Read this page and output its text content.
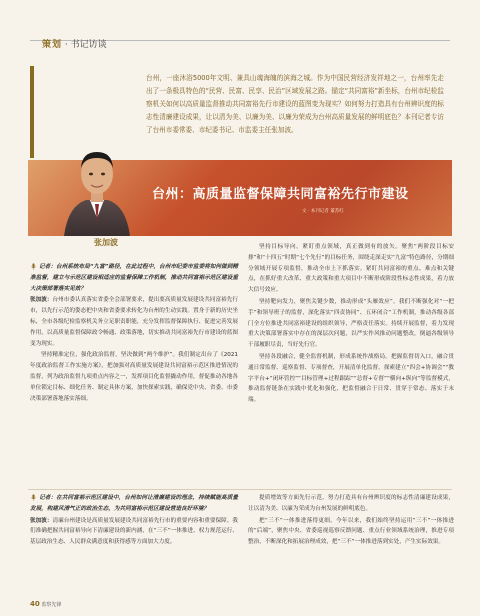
策划 · 书记访谈
台州，一座沐浴5000年文明、兼具山魂海魄的滨海之城。作为中国民营经济发祥地之一，台州率先走出了一条极具特色的“民营、民富、民享、民治”区域发展之路。锚定“共同富裕”新坐标，台州市纪检监察机关如何以高质量监督推动共同富裕先行市建设的蓝图变为现实？如何努力打造具有台州辨识度的标志性清廉建设成果，让以清为美、以廉为美、以廉为荣成为台州高质量发展的鲜明底色？本刊记者专访了台州市委常委、市纪委书记、市监委主任张加波。
台州：高质量监督保障共同富裕先行市建设
文 · 本刊记者 董苏红
张加波

记者：台州系统布局“九富”路径，在此过程中，台州市纪委市监委将如何做到精准监督，建立与示范区建设相适应的监督保障工作机制，推动共同富裕示范区建设重大决策部署落实见效？

张加波：台州市委认真落实省委全会部署要求，提出要高质量发展建设共同富裕先行市，以先行示范的姿态把中央和省委要求转化为台州的生动实践。置身于新的历史坐标，全市各级纪检监察机关务立足职责职能，充分发挥监督保障执行、促进完善发展作用，以高质量监督保障政令畅通、政策落地，切实推动共同富裕先行市建设的蓝图变为现实。

坚持精准定位，强化政治监督，坚决做到“两个维护”。我们制定出台了《2021年度政治监督工作实施方案》，把加强对高质量发展建设共同富裕示范区推进情况的监督，列为政治监督九项重点内容之一，发挥项目化监督撬动作用，督促推动各地各单位锁定目标、细化任务、制定具体方案，加快探索实践，确保党中央、省委、市委决策部署落地落实落细。

坚持目标导向，紧盯重点领域，真正做到有的放矢。聚焦“两阶段目标安排”和“十四五”时期“七个先行”的目标任务，围绕走深走实“九富”特色路径，分期细分领域开展专项监督，推动全市上下抓落实。紧盯共同富裕的重点、难点和关键点，在抓好重大改革、重大政策和重大项目中不断形成阶段性标志性成果，着力放大信号效应。

坚持靶向发力，聚焦关键少数，推动形成“头雁效应”。我们不断强化对“一把手”和领导班子的监督，深化落实“四责协同”、五环闭合“工作机制，推动各级各部门全方位推进共同富裕建设的组织领导，严格责任落实。持续开展监督，着力发现重大决策部署落实中存在的深层次问题，以严实作风推动问题整改，倒逼各级领导干部履职尽责，当好先行官。

坚持各段融合，健全监督机制，形成系统作战格局。把握监督切入口，融合贯通日常监督、巡察监督、专项督查，开展清单化监督。探索建立“四会+协调会”“教字平台+“闭环管控”“目标管理+过程跟踪”“总督+专督”“横向+纵向”等监督模式，推动监督链条在实践中优化和强化，把监督融合于日常、贯穿于常态、落实于末端。

记者：在共同富裕示范区建设中，台州如何让清廉建设的理念，持续赋能高质量发展，构建风清气正的政治生态，为共同富裕示范区建设营造良好环境？

张加波：清廉台州建设是高质量发展建设共同富裕先行市的重要内容和重要保障。我们准确把握共同富裕导向下清廉建设的新内涵，在“三不”一体推进、权力规范运行、基层政治生态、人民群众满意度和获得感等方面加大力度。

提质增效等方面先行示范，努力打造具有台州辨识度的标志性清廉建设成果，让以清为美、以廉为荣成为台州发展的鲜明底色。

把“三不”一体推进落得更细。今年以来，我们始终坚持运用“三不”一体推进的“后端”，聚焦中央、省委巡视巡察反馈问题、重点行业领域系统治理，推进专项整治，不断深化和拓展治理成效，把“三不”一体推进落到实处，产生实际效果。

40 监察先锋
